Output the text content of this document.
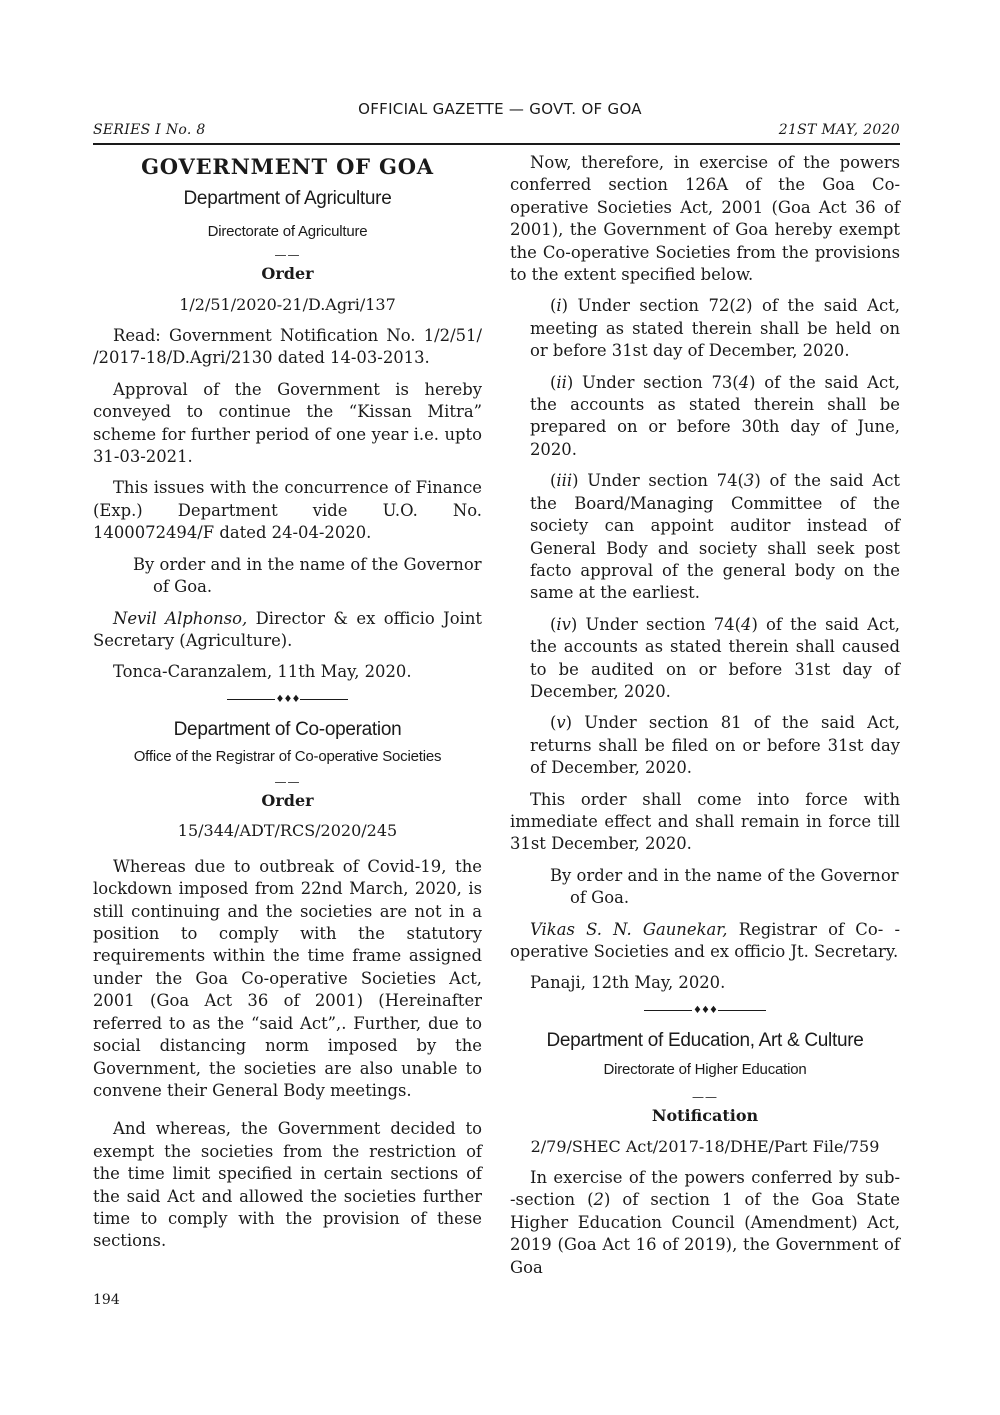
OFFICIAL GAZETTE — GOVT. OF GOA
SERIES I No. 8	21ST MAY, 2020
GOVERNMENT OF GOA
Department of Agriculture
Directorate of Agriculture
——
Order
1/2/51/2020-21/D.Agri/137

Read: Government Notification No. 1/2/51/ /2017-18/D.Agri/2130 dated 14-03-2013.

Approval of the Government is hereby conveyed to continue the “Kissan Mitra” scheme for further period of one year i.e. upto 31-03-2021.

This issues with the concurrence of Finance (Exp.) Department vide U.O. No. 1400072494/F dated 24-04-2020.

By order and in the name of the Governor
of Goa.

Nevil Alphonso, Director & ex officio Joint Secretary (Agriculture).

Tonca-Caranzalem, 11th May, 2020.

♦♦♦
Department of Co-operation
Office of the Registrar of Co-operative Societies
——
Order
15/344/ADT/RCS/2020/245

Whereas due to outbreak of Covid-19, the lockdown imposed from 22nd March, 2020, is still continuing and the societies are not in a position to comply with the statutory requirements within the time frame assigned under the Goa Co-operative Societies Act, 2001 (Goa Act 36 of 2001) (Hereinafter referred to as the “said Act”,. Further, due to social distancing norm imposed by the Government, the societies are also unable to convene their General Body meetings.

And whereas, the Government decided to exempt the societies from the restriction of the time limit specified in certain sections of the said Act and allowed the societies further time to comply with the provision of these sections.

Now, therefore, in exercise of the powers conferred section 126A of the Goa Co-operative Societies Act, 2001 (Goa Act 36 of 2001), the Government of Goa hereby exempt the Co-operative Societies from the provisions to the extent specified below.

(i) Under section 72(2) of the said Act, meeting as stated therein shall be held on or before 31st day of December, 2020.

(ii) Under section 73(4) of the said Act, the accounts as stated therein shall be prepared on or before 30th day of June, 2020.

(iii) Under section 74(3) of the said Act the Board/Managing Committee of the society can appoint auditor instead of General Body and society shall seek post facto approval of the general body on the same at the earliest.

(iv) Under section 74(4) of the said Act, the accounts as stated therein shall caused to be audited on or before 31st day of December, 2020.

(v) Under section 81 of the said Act, returns shall be filed on or before 31st day of December, 2020.

This order shall come into force with immediate effect and shall remain in force till 31st December, 2020.

By order and in the name of the Governor
of Goa.

Vikas S. N. Gaunekar, Registrar of Co- -operative Societies and ex officio Jt. Secretary.

Panaji, 12th May, 2020.

♦♦♦
Department of Education, Art & Culture
Directorate of Higher Education
——
Notification
2/79/SHEC Act/2017-18/DHE/Part File/759

In exercise of the powers conferred by sub- -section (2) of section 1 of the Goa State Higher Education Council (Amendment) Act, 2019 (Goa Act 16 of 2019), the Government of Goa

194
